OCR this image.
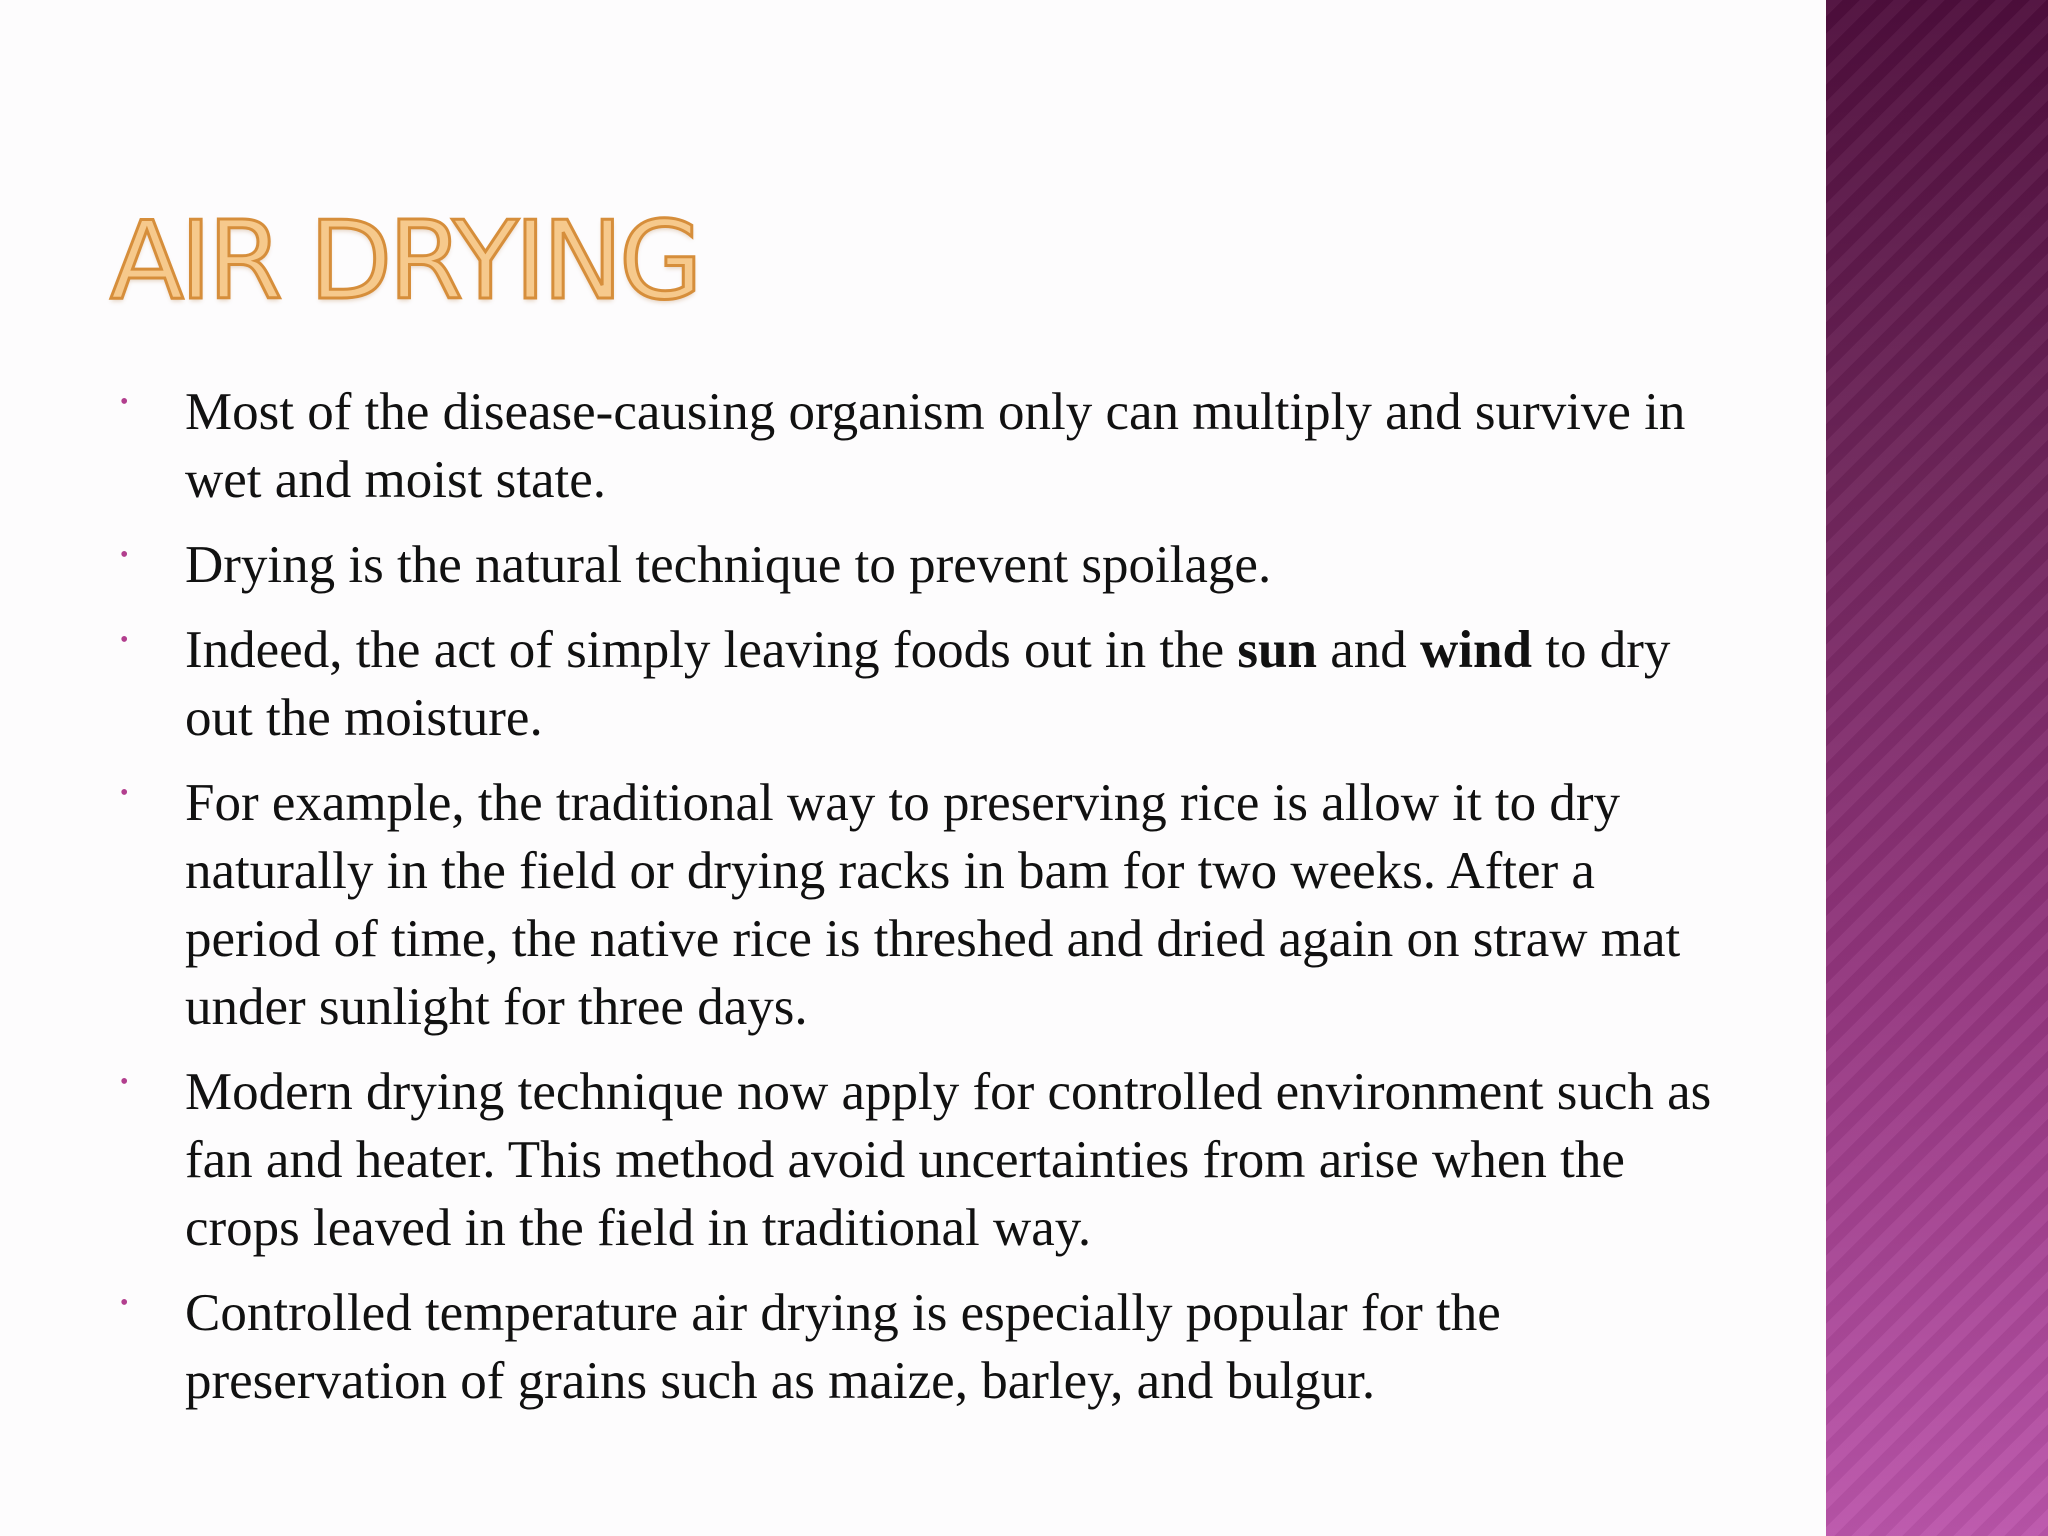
AIR DRYING
• Most of the disease-causing organism only can multiply and survive in wet and moist state.
• Drying is the natural technique to prevent spoilage.
• Indeed, the act of simply leaving foods out in the sun and wind to dry out the moisture.
• For example, the traditional way to preserving rice is allow it to dry naturally in the field or drying racks in bam for two weeks. After a period of time, the native rice is threshed and dried again on straw mat under sunlight for three days.
• Modern drying technique now apply for controlled environment such as fan and heater. This method avoid uncertainties from arise when the crops leaved in the field in traditional way.
• Controlled temperature air drying is especially popular for the preservation of grains such as maize, barley, and bulgur.
